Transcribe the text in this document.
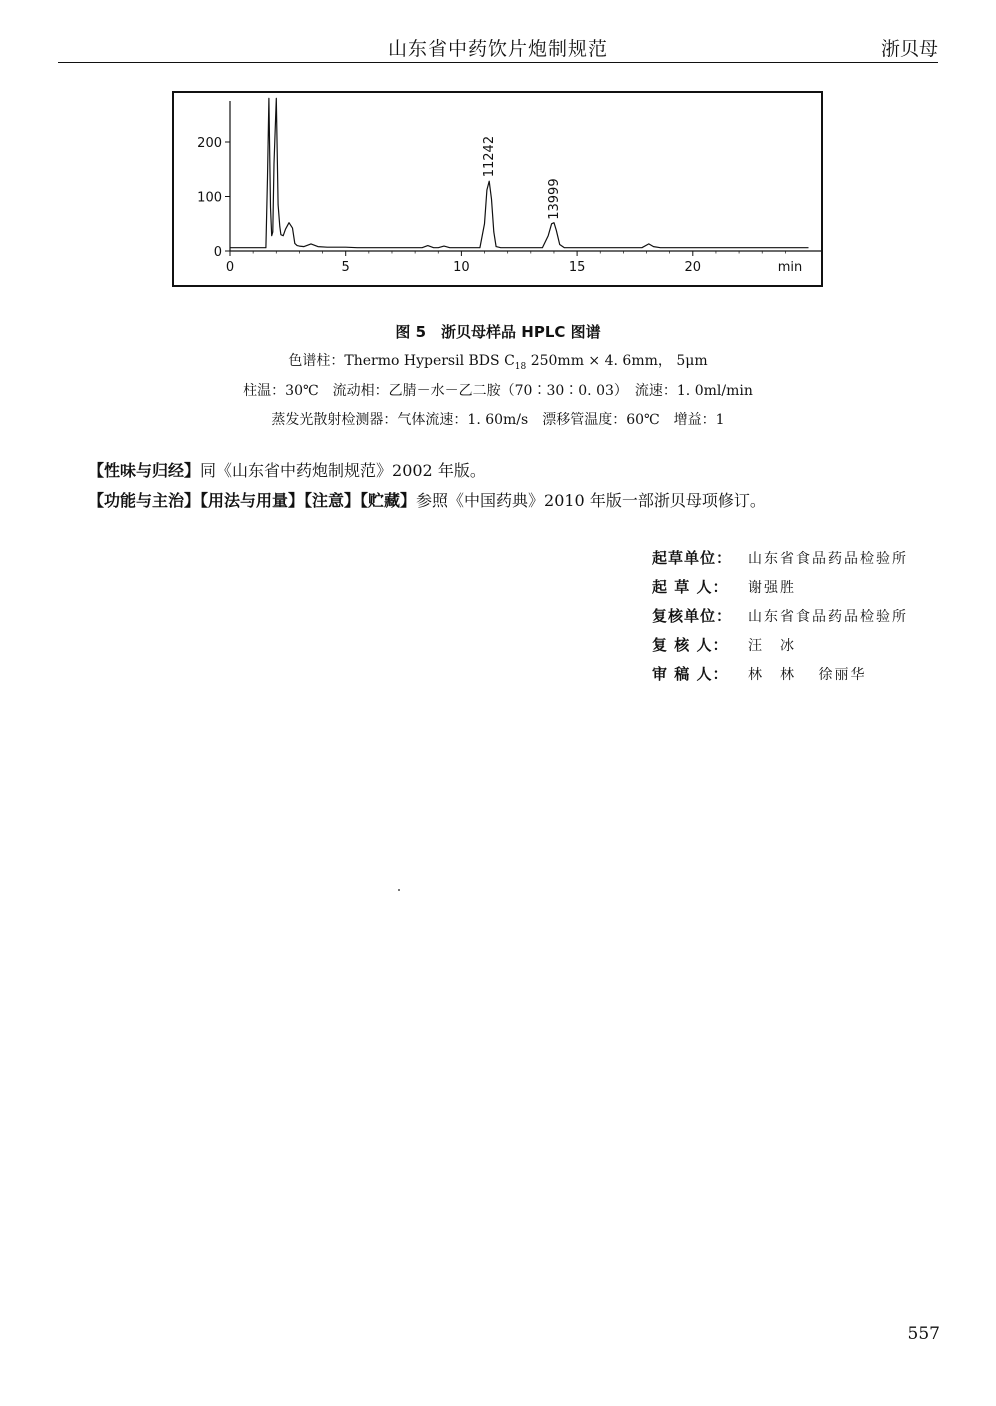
山东省中药饮片炮制规范	浙贝母
0	5	10	15	20	min
0
100
200	11242
13999
图 5　浙贝母样品 HPLC 图谱
色谱柱：Thermo Hypersil BDS $C_{18}$ 250mm × 4. 6mm， 5μm
柱温：30℃　流动相：乙腈－水－乙二胺（70∶30∶0. 03）　流速：1. 0ml/min
蒸发光散射检测器：气体流速：1. 60m/s　漂移管温度：60℃　增益：1
【性味与归经】同《山东省中药炮制规范》2002 年版。
【功能与主治】【用法与用量】【注意】【贮藏】参照《中国药典》2010 年版一部浙贝母项修订。
起草单位： 山东省食品药品检验所
起 草 人： 谢强胜
复核单位： 山东省食品药品检验所
复 核 人： 汪　冰
审 稿 人： 林　林　 徐丽华
557
